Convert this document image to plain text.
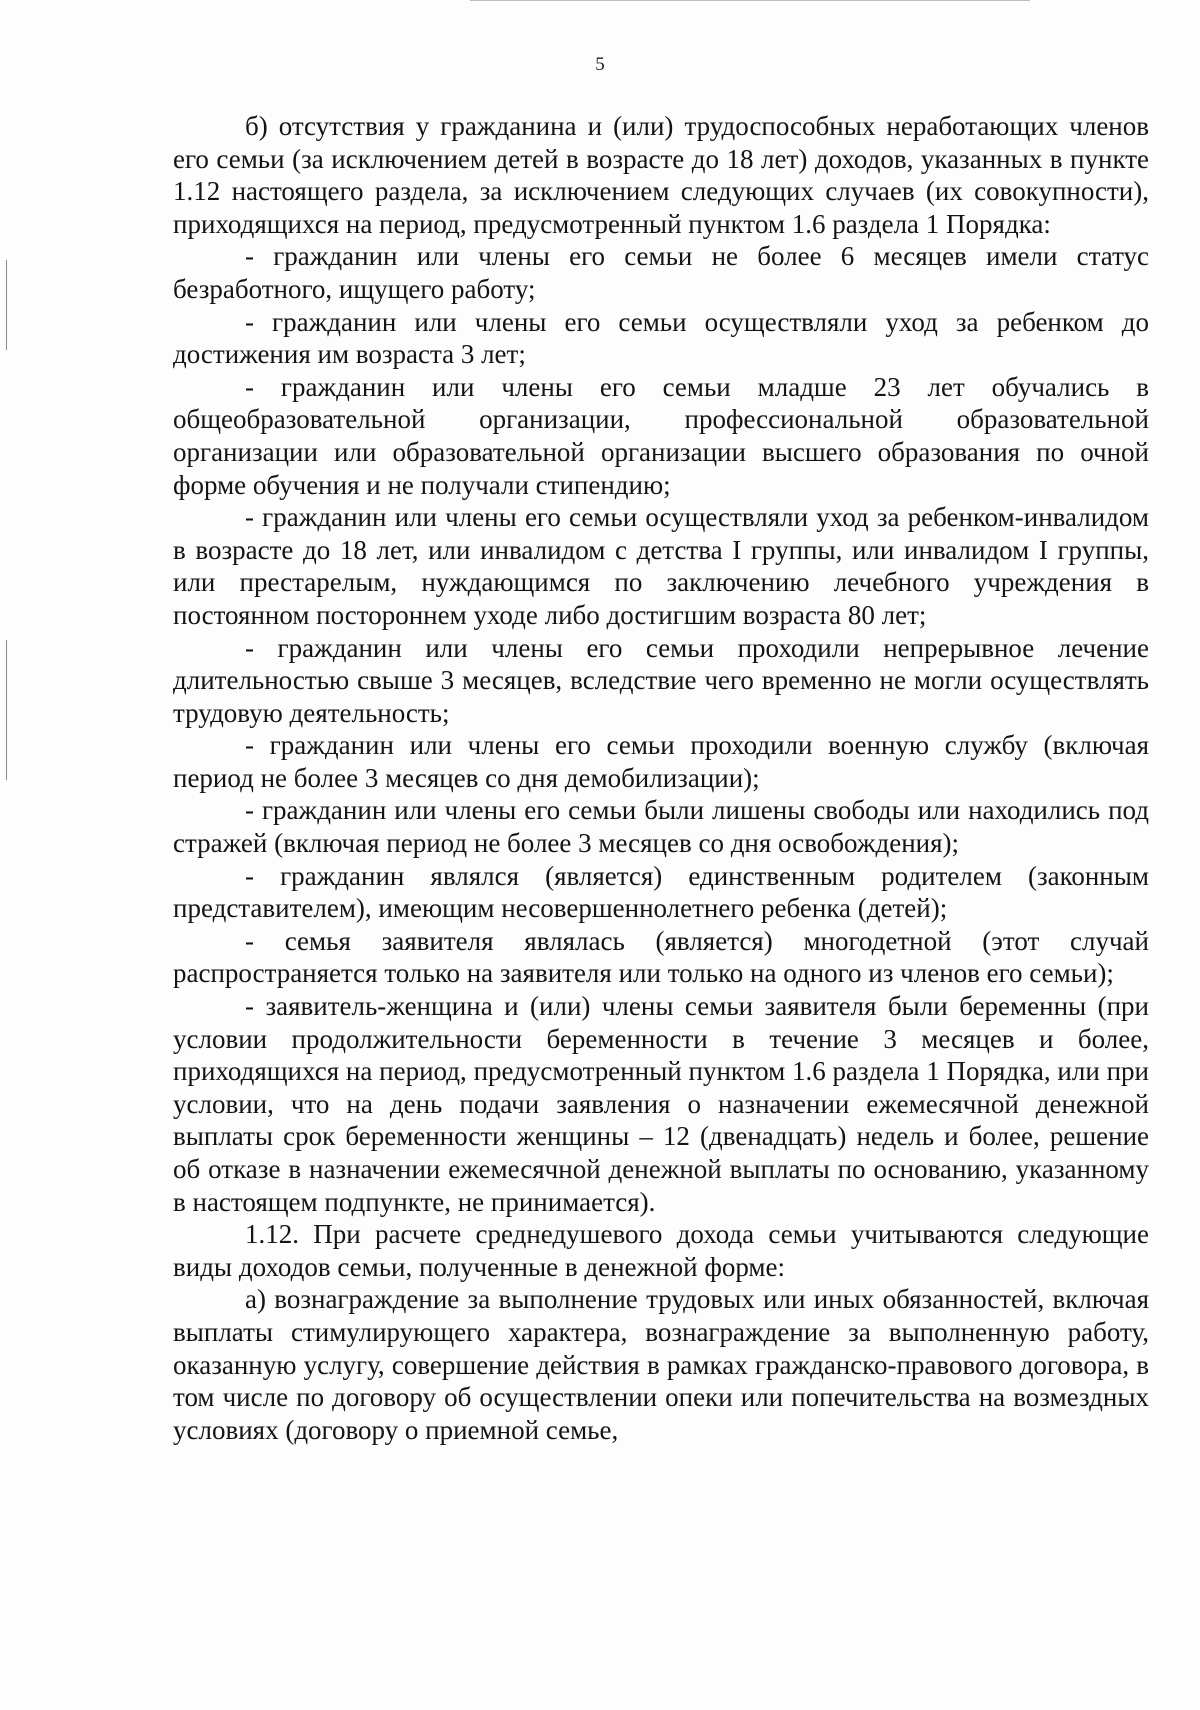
5

б) отсутствия у гражданина и (или) трудоспособных неработающих членов его семьи (за исключением детей в возрасте до 18 лет) доходов, указанных в пункте 1.12 настоящего раздела, за исключением следующих случаев (их совокупности), приходящихся на период, предусмотренный пунктом 1.6 раздела 1 Порядка:

- гражданин или члены его семьи не более 6 месяцев имели статус безработного, ищущего работу;

- гражданин или члены его семьи осуществляли уход за ребенком до достижения им возраста 3 лет;

- гражданин или члены его семьи младше 23 лет обучались в общеобразовательной организации, профессиональной образовательной организации или образовательной организации высшего образования по очной форме обучения и не получали стипендию;

- гражданин или члены его семьи осуществляли уход за ребенком-инвалидом в возрасте до 18 лет, или инвалидом с детства I группы, или инвалидом I группы, или престарелым, нуждающимся по заключению лечебного учреждения в постоянном постороннем уходе либо достигшим возраста 80 лет;

- гражданин или члены его семьи проходили непрерывное лечение длительностью свыше 3 месяцев, вследствие чего временно не могли осуществлять трудовую деятельность;

- гражданин или члены его семьи проходили военную службу (включая период не более 3 месяцев со дня демобилизации);

- гражданин или члены его семьи были лишены свободы или находились под стражей (включая период не более 3 месяцев со дня освобождения);

- гражданин являлся (является) единственным родителем (законным представителем), имеющим несовершеннолетнего ребенка (детей);

- семья заявителя являлась (является) многодетной (этот случай распространяется только на заявителя или только на одного из членов его семьи);

- заявитель-женщина и (или) члены семьи заявителя были беременны (при условии продолжительности беременности в течение 3 месяцев и более, приходящихся на период, предусмотренный пунктом 1.6 раздела 1 Порядка, или при условии, что на день подачи заявления о назначении ежемесячной денежной выплаты срок беременности женщины – 12 (двенадцать) недель и более, решение об отказе в назначении ежемесячной денежной выплаты по основанию, указанному в настоящем подпункте, не принимается).

1.12. При расчете среднедушевого дохода семьи учитываются следующие виды доходов семьи, полученные в денежной форме:

а) вознаграждение за выполнение трудовых или иных обязанностей, включая выплаты стимулирующего характера, вознаграждение за выполненную работу, оказанную услугу, совершение действия в рамках гражданско-правового договора, в том числе по договору об осуществлении опеки или попечительства на возмездных условиях (договору о приемной семье,
